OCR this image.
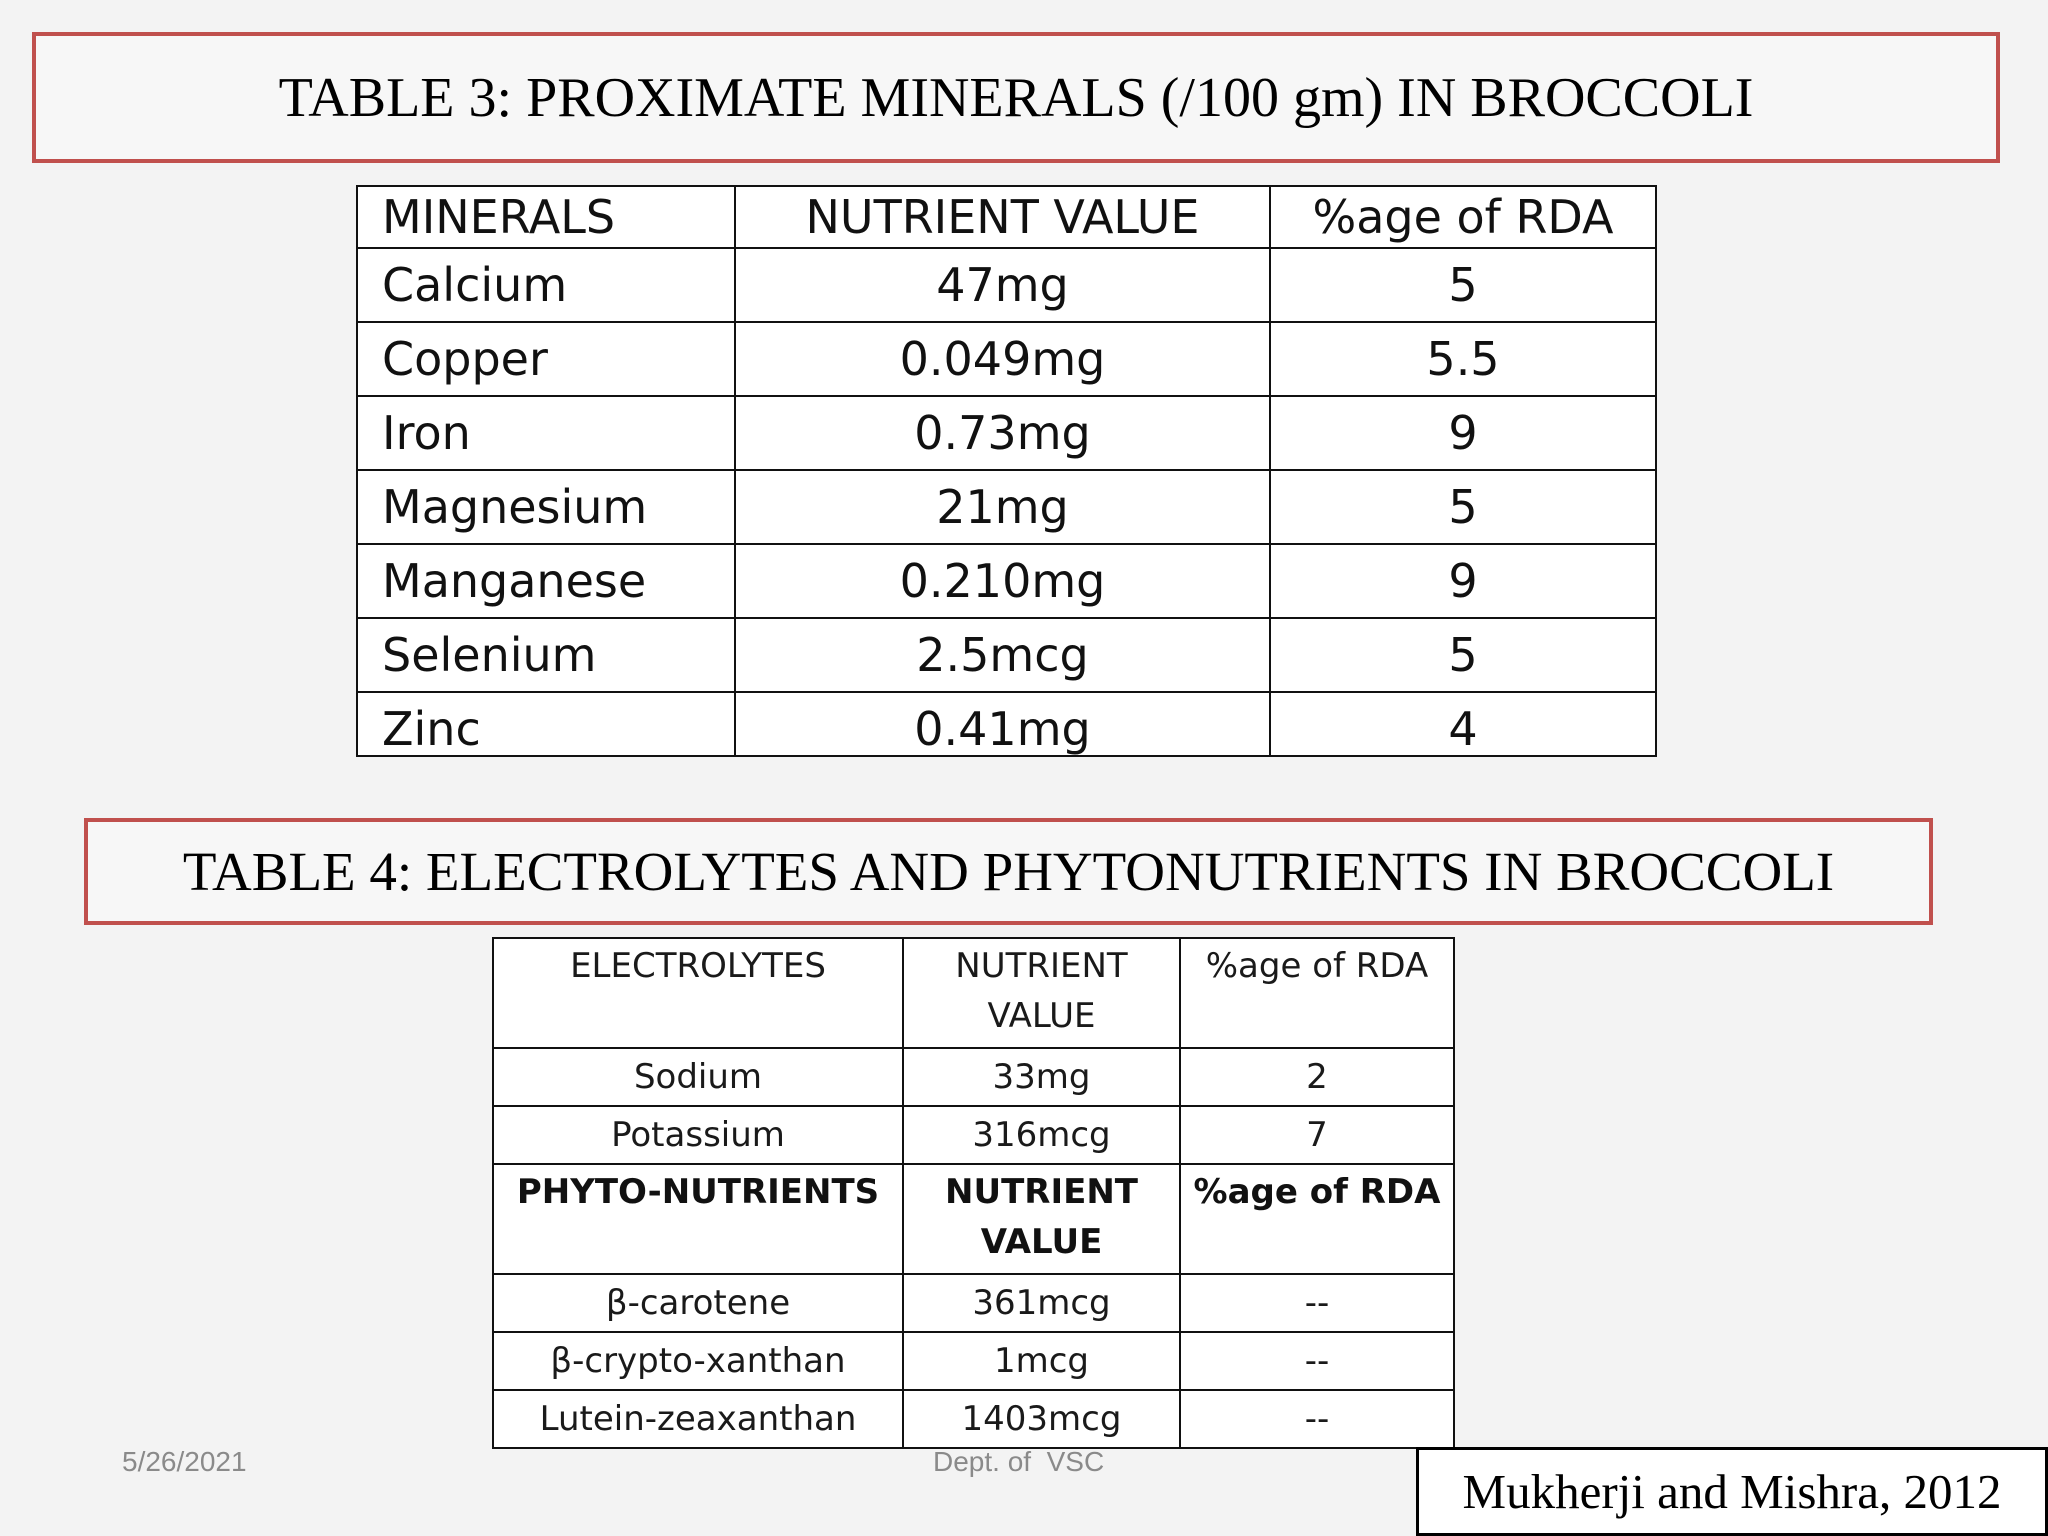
TABLE 3: PROXIMATE MINERALS (/100 gm) IN BROCCOLI
MINERALS	NUTRIENT VALUE	%age of RDA
Calcium	47mg	5
Copper	0.049mg	5.5
Iron	0.73mg	9
Magnesium	21mg	5
Manganese	0.210mg	9
Selenium	2.5mcg	5
Zinc	0.41mg	4
TABLE 4: ELECTROLYTES AND PHYTONUTRIENTS IN BROCCOLI
ELECTROLYTES	NUTRIENT VALUE	%age of RDA
Sodium	33mg	2
Potassium	316mcg	7
PHYTO-NUTRIENTS	NUTRIENT VALUE	%age of RDA
β-carotene	361mcg	--
β-crypto-xanthan	1mcg	--
Lutein-zeaxanthan	1403mcg	--
5/26/2021	Dept. of  VSC
Mukherji and Mishra, 2012
